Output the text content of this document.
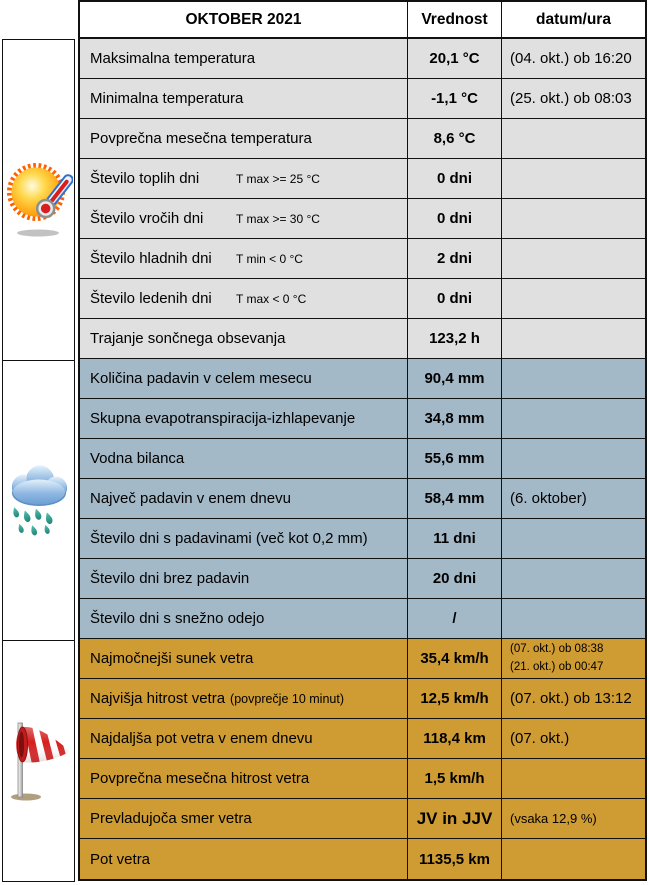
OKTOBER 2021	Vrednost	datum/ura
Maksimalna temperatura	20,1 °C (04. okt.) ob 16:20
Minimalna temperatura	-1,1 °C (25. okt.) ob 08:03
Povprečna mesečna temperatura	8,6 °C
Število toplih dni	T max >= 25 °C	0 dni
Število vročih dni	T max >= 30 °C	0 dni
Število hladnih dni T min < 0 °C	2 dni
Število ledenih dni T max < 0 °C	0 dni
Trajanje sončnega obsevanja	123,2 h
Količina padavin v celem mesecu	90,4 mm
Skupna evapotranspiracija-izhlapevanje	34,8 mm
Vodna bilanca	55,6 mm
Največ padavin v enem dnevu	58,4 mm (6. oktober)
Število dni s padavinami (več kot 0,2 mm)	11 dni
Število dni brez padavin	20 dni
Število dni s snežno odejo	/
Najmočnejši sunek vetra	35,4 km/h
(07. okt.) ob 08:38
(21. okt.) ob 00:47
Najvišja hitrost vetra (povprečje 10 minut)	12,5 km/h (07. okt.) ob 13:12
Najdaljša pot vetra v enem dnevu	118,4 km (07. okt.)
Povprečna mesečna hitrost vetra	1,5 km/h
Prevladujoča smer vetra	JV in JJV (vsaka 12,9 %)
Pot vetra	1135,5 km
